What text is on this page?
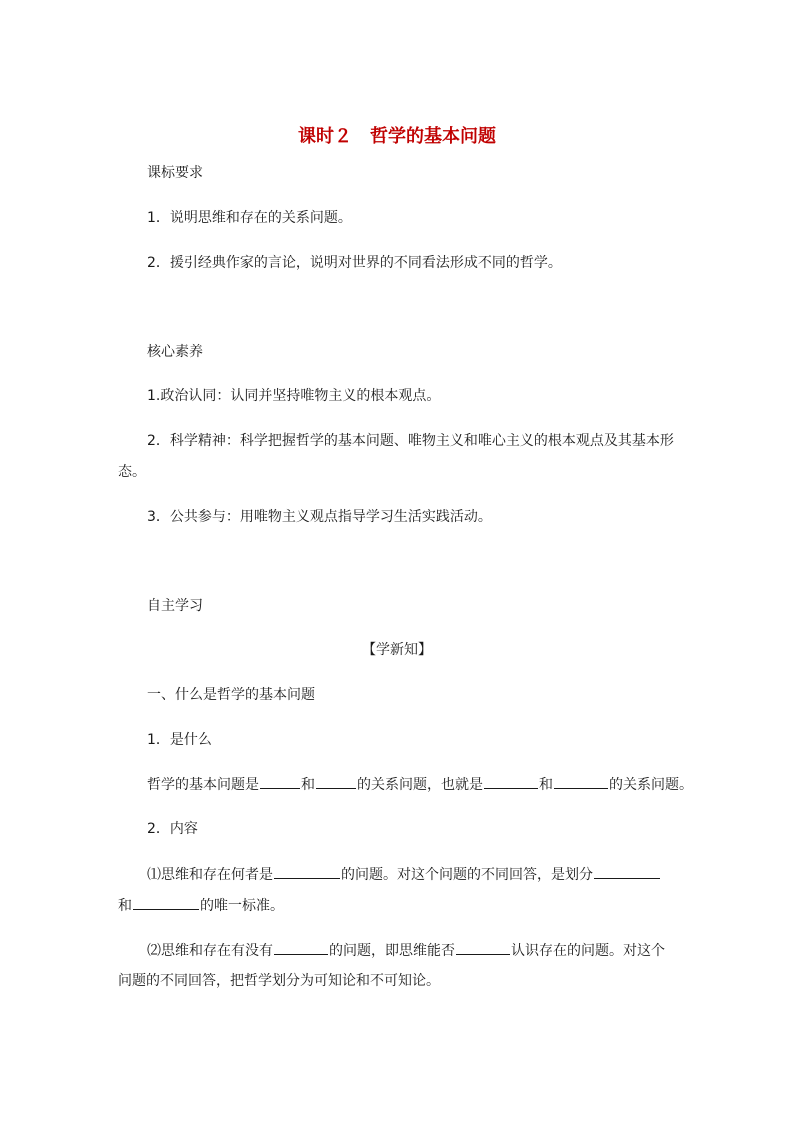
课时２　哲学的基本问题
课标要求
1．说明思维和存在的关系问题。
2．援引经典作家的言论，说明对世界的不同看法形成不同的哲学。
核心素养
1.政治认同：认同并坚持唯物主义的根本观点。
2．科学精神：科学把握哲学的基本问题、唯物主义和唯心主义的根本观点及其基本形
态。
3．公共参与：用唯物主义观点指导学习生活实践活动。
自主学习
【学新知】
一、什么是哲学的基本问题
1．是什么
哲学的基本问题是	和	的关系问题，也就是	和	的关系问题。
2．内容
⑴思维和存在何者是	的问题。对这个问题的不同回答，是划分
和	的唯一标准。
⑵思维和存在有没有	的问题，即思维能否	认识存在的问题。对这个
问题的不同回答，把哲学划分为可知论和不可知论。
